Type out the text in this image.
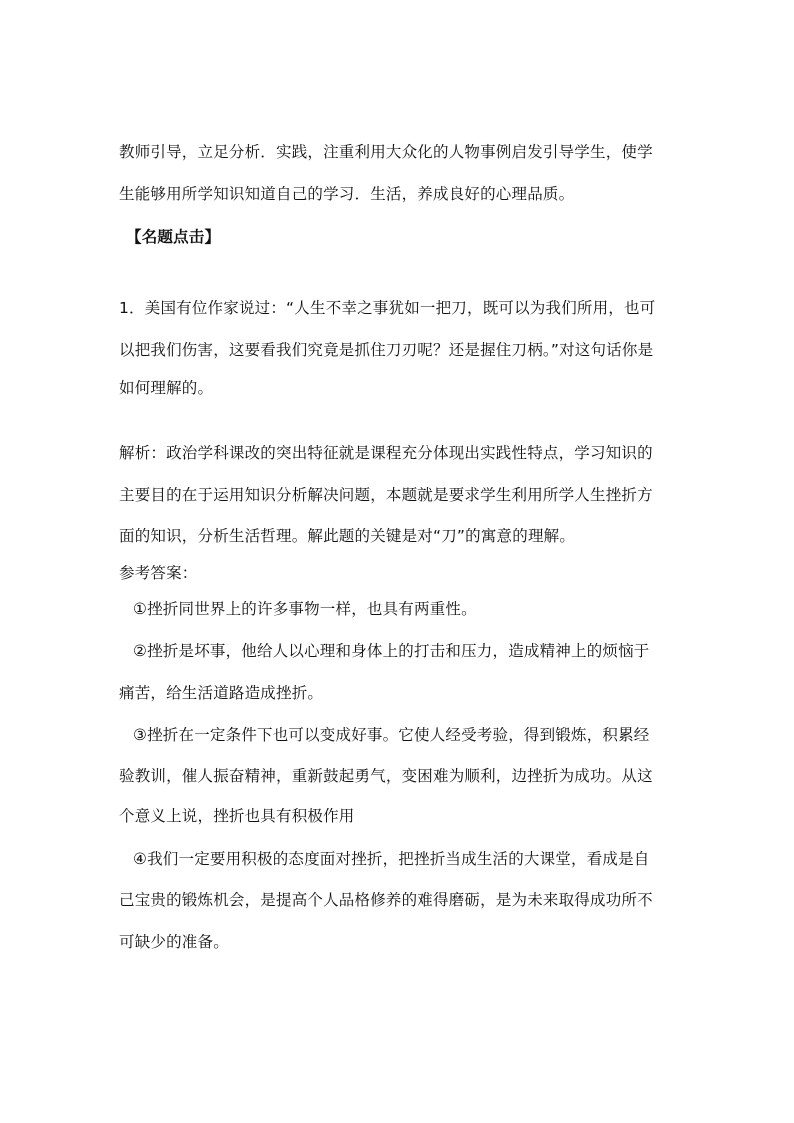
教师引导，立足分析．实践，注重利用大众化的人物事例启发引导学生，使学
生能够用所学知识知道自己的学习．生活，养成良好的心理品质。
【名题点击】
1．美国有位作家说过：“人生不幸之事犹如一把刀，既可以为我们所用，也可
以把我们伤害，这要看我们究竟是抓住刀刃呢？还是握住刀柄。”对这句话你是
如何理解的。
解析：政治学科课改的突出特征就是课程充分体现出实践性特点，学习知识的
主要目的在于运用知识分析解决问题，本题就是要求学生利用所学人生挫折方
面的知识，分析生活哲理。解此题的关键是对“刀”的寓意的理解。
参考答案：
①挫折同世界上的许多事物一样，也具有两重性。
②挫折是坏事，他给人以心理和身体上的打击和压力，造成精神上的烦恼于
痛苦，给生活道路造成挫折。
③挫折在一定条件下也可以变成好事。它使人经受考验，得到锻炼，积累经
验教训，催人振奋精神，重新鼓起勇气，变困难为顺利，边挫折为成功。从这
个意义上说，挫折也具有积极作用
④我们一定要用积极的态度面对挫折，把挫折当成生活的大课堂，看成是自
己宝贵的锻炼机会，是提高个人品格修养的难得磨砺，是为未来取得成功所不
可缺少的准备。
